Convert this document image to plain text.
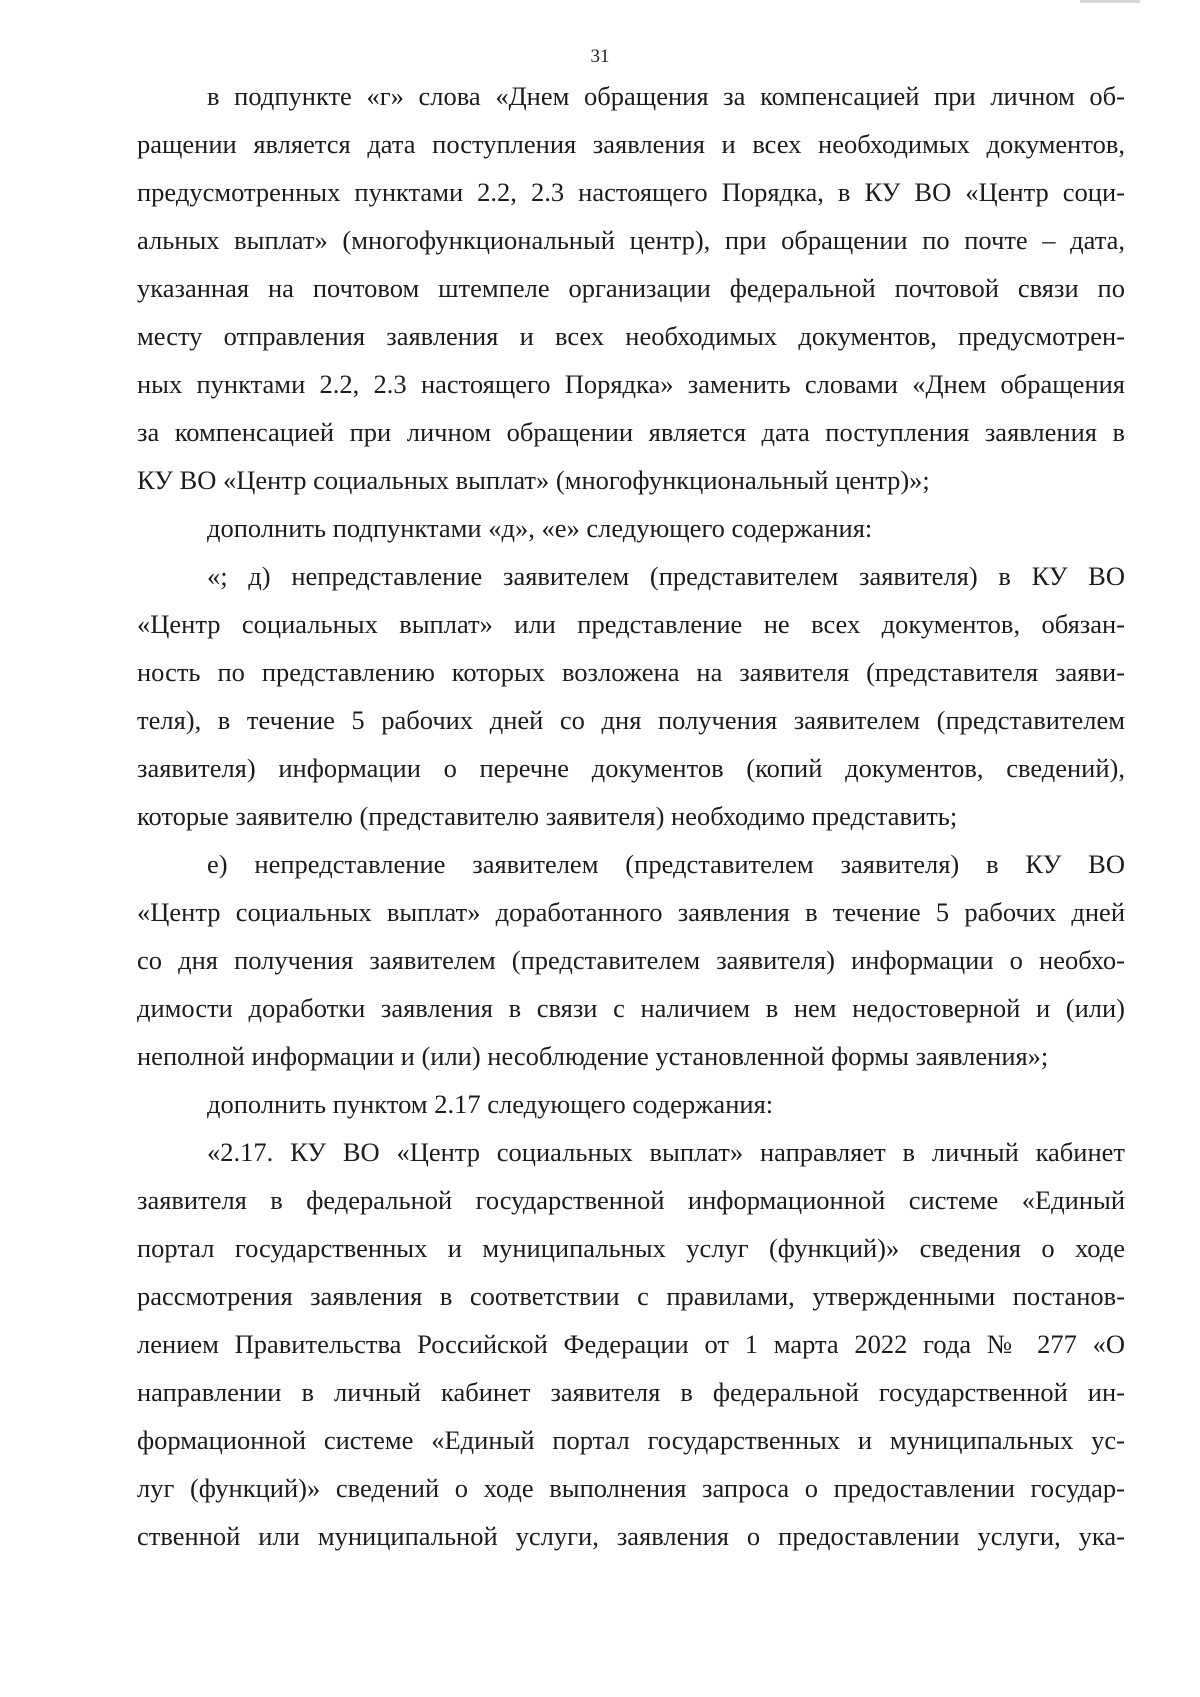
31
в подпункте «г» слова «Днем обращения за компенсацией при личном об-
ращении является дата поступления заявления и всех необходимых документов,
предусмотренных пунктами 2.2, 2.3 настоящего Порядка, в КУ ВО «Центр соци-
альных выплат» (многофункциональный центр), при обращении по почте – дата,
указанная на почтовом штемпеле организации федеральной почтовой связи по
месту отправления заявления и всех необходимых документов, предусмотрен-
ных пунктами 2.2, 2.3 настоящего Порядка» заменить словами «Днем обращения
за компенсацией при личном обращении является дата поступления заявления в
КУ ВО «Центр социальных выплат» (многофункциональный центр)»;
дополнить подпунктами «д», «е» следующего содержания:
«; д) непредставление заявителем (представителем заявителя) в КУ ВО
«Центр социальных выплат» или представление не всех документов, обязан-
ность по представлению которых возложена на заявителя (представителя заяви-
теля), в течение 5 рабочих дней со дня получения заявителем (представителем
заявителя) информации о перечне документов (копий документов, сведений),
которые заявителю (представителю заявителя) необходимо представить;
е) непредставление заявителем (представителем заявителя) в КУ ВО
«Центр социальных выплат» доработанного заявления в течение 5 рабочих дней
со дня получения заявителем (представителем заявителя) информации о необхо-
димости доработки заявления в связи с наличием в нем недостоверной и (или)
неполной информации и (или) несоблюдение установленной формы заявления»;
дополнить пунктом 2.17 следующего содержания:
«2.17. КУ ВО «Центр социальных выплат» направляет в личный кабинет
заявителя в федеральной государственной информационной системе «Единый
портал государственных и муниципальных услуг (функций)» сведения о ходе
рассмотрения заявления в соответствии с правилами, утвержденными постанов-
лением Правительства Российской Федерации от 1 марта 2022 года № 277 «О
направлении в личный кабинет заявителя в федеральной государственной ин-
формационной системе «Единый портал государственных и муниципальных ус-
луг (функций)» сведений о ходе выполнения запроса о предоставлении государ-
ственной или муниципальной услуги, заявления о предоставлении услуги, ука-
